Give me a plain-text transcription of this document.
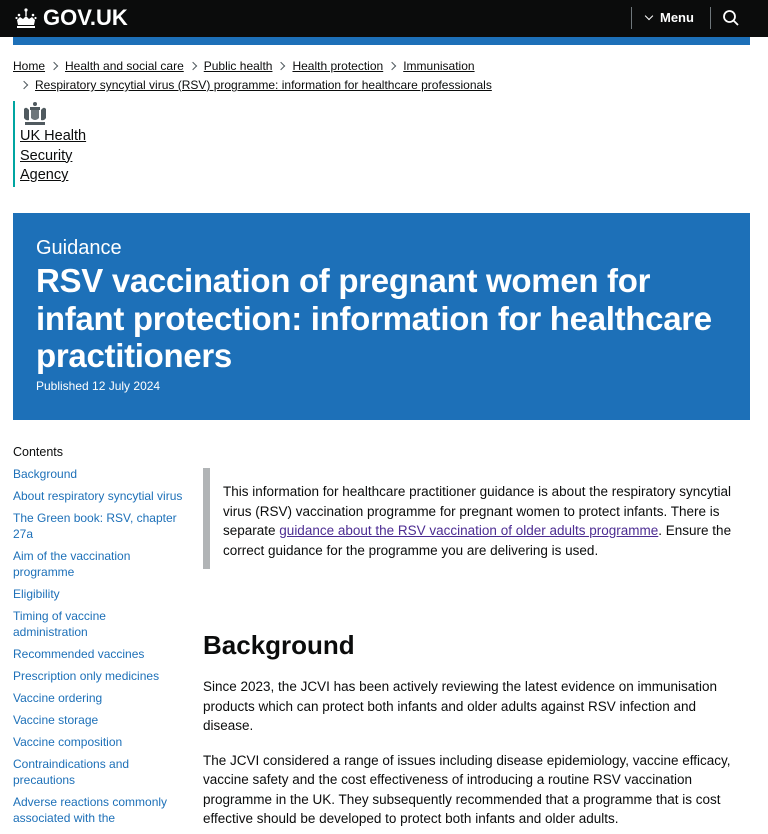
GOV.UK	Menu
Home Health and social care Public health Health protection Immunisation
Respiratory syncytial virus (RSV) programme: information for healthcare professionals
UK Health
Security
Agency
Guidance
RSV vaccination of pregnant women for infant protection: information for healthcare practitioners
Published 12 July 2024
Contents
Background
About respiratory syncytial virus
The Green book: RSV, chapter 27a
Aim of the vaccination programme
Eligibility
Timing of vaccine administration
Recommended vaccines
Prescription only medicines
Vaccine ordering
Vaccine storage
Vaccine composition
Contraindications and precautions
Adverse reactions commonly associated with the
This information for healthcare practitioner guidance is about the respiratory syncytial virus (RSV) vaccination programme for pregnant women to protect infants. There is separate guidance about the RSV vaccination of older adults programme. Ensure the correct guidance for the programme you are delivering is used.
Background

Since 2023, the JCVI has been actively reviewing the latest evidence on immunisation products which can protect both infants and older adults against RSV infection and disease.

The JCVI considered a range of issues including disease epidemiology, vaccine efficacy, vaccine safety and the cost effectiveness of introducing a routine RSV vaccination programme in the UK. They subsequently recommended that a programme that is cost effective should be developed to protect both infants and older adults.
